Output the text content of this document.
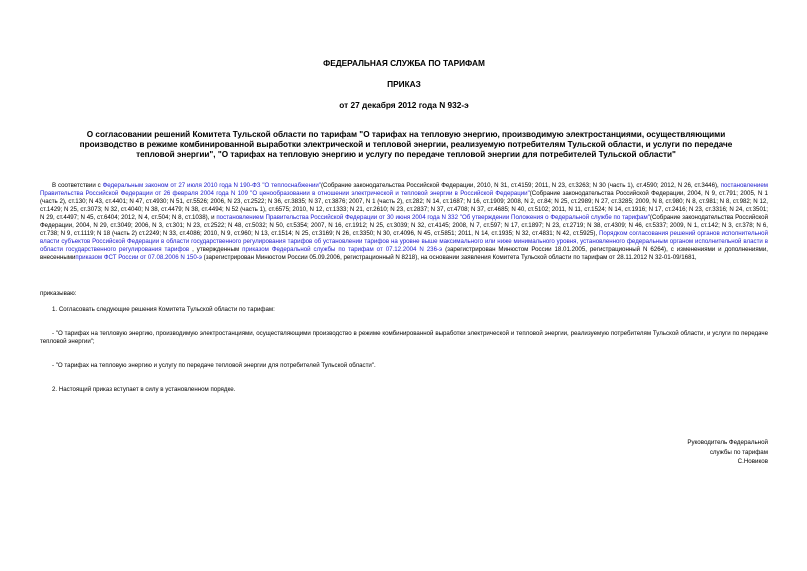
ФЕДЕРАЛЬНАЯ СЛУЖБА ПО ТАРИФАМ
ПРИКАЗ
от 27 декабря 2012 года N 932-э
О согласовании решений Комитета Тульской области по тарифам "О тарифах на тепловую энергию, производимую электростанциями, осуществляющими производство в режиме комбинированной выработки электрической и тепловой энергии, реализуемую потребителям Тульской области, и услуги по передаче тепловой энергии", "О тарифах на тепловую энергию и услугу по передаче тепловой энергии для потребителей Тульской области"
В соответствии с Федеральным законом от 27 июля 2010 года N 190-ФЗ "О теплоснабжении"(Собрание законодательства Российской Федерации, 2010, N 31, ст.4159; 2011, N 23, ст.3263; N 30 (часть 1), ст.4590; 2012, N 26, ст.3446), постановлением Правительства Российской Федерации от 26 февраля 2004 года N 109 "О ценообразовании в отношении электрической и тепловой энергии в Российской Федерации"(Собрание законодательства Российской Федерации, 2004, N 9, ст.791; 2005, N 1 (часть 2), ст.130; N 43, ст.4401; N 47, ст.4930; N 51, ст.5526; 2006, N 23, ст.2522; N 36, ст.3835; N 37, ст.3876; 2007, N 1 (часть 2), ст.282; N 14, ст.1687; N 16, ст.1909; 2008, N 2, ст.84; N 25, ст.2989; N 27, ст.3285; 2009, N 8, ст.980; N 8, ст.981; N 8, ст.982; N 12, ст.1429; N 25, ст.3073; N 32, ст.4040; N 38, ст.4479; N 38, ст.4494; N 52 (часть 1), ст.6575; 2010, N 12, ст.1333; N 21, ст.2610; N 23, ст.2837; N 37, ст.4708; N 37, ст.4685; N 40, ст.5102; 2011, N 11, ст.1524; N 14, ст.1916; N 17, ст.2416; N 23, ст.3316; N 24, ст.3501; N 29, ст.4497; N 45, ст.6404; 2012, N 4, ст.504; N 8, ст.1038), и постановлением Правительства Российской Федерации от 30 июня 2004 года N 332 "Об утверждении Положения о Федеральной службе по тарифам"(Собрание законодательства Российской Федерации, 2004, N 29, ст.3049; 2006, N 3, ст.301; N 23, ст.2522; N 48, ст.5032; N 50, ст.5354; 2007, N 16, ст.1912; N 25, ст.3039; N 32, ст.4145; 2008, N 7, ст.597; N 17, ст.1897; N 23, ст.2719; N 38, ст.4309; N 46, ст.5337; 2009, N 1, ст.142; N 3, ст.378; N 6, ст.738; N 9, ст.1119; N 18 (часть 2) ст.2249; N 33, ст.4086; 2010, N 9, ст.960; N 13, ст.1514; N 25, ст.3169; N 26, ст.3350; N 30, ст.4096, N 45, ст.5851; 2011, N 14, ст.1935; N 32, ст.4831; N 42, ст.5925), Порядком согласования решений органов исполнительной власти субъектов Российской Федерации в области государственного регулирования тарифов об установлении тарифов на уровне выше максимального или ниже минимального уровня, установленного федеральным органом исполнительной власти в области государственного регулирования тарифов , утвержденным приказом Федеральной службы по тарифам от 07.12.2004 N 236-э (зарегистрирован Минюстом России 18.01.2005, регистрационный N 6264), с изменениями и дополнениями, внесеннымиприказом ФСТ России от 07.08.2006 N 150-э (зарегистрирован Минюстом России 05.09.2006, регистрационный N 8218), на основании заявления Комитета Тульской области по тарифам от 28.11.2012 N 32-01-09/1681,
приказываю:
1. Согласовать следующие решения Комитета Тульской области по тарифам:
- "О тарифах на тепловую энергию, производимую электростанциями, осуществляющими производство в режиме комбинированной выработки электрической и тепловой энергии, реализуемую потребителям Тульской области, и услуги по передаче тепловой энергии";
- "О тарифах на тепловую энергию и услугу по передаче тепловой энергии для потребителей Тульской области".
2. Настоящий приказ вступает в силу в установленном порядке.
Руководитель Федеральной
службы по тарифам
С.Новиков
